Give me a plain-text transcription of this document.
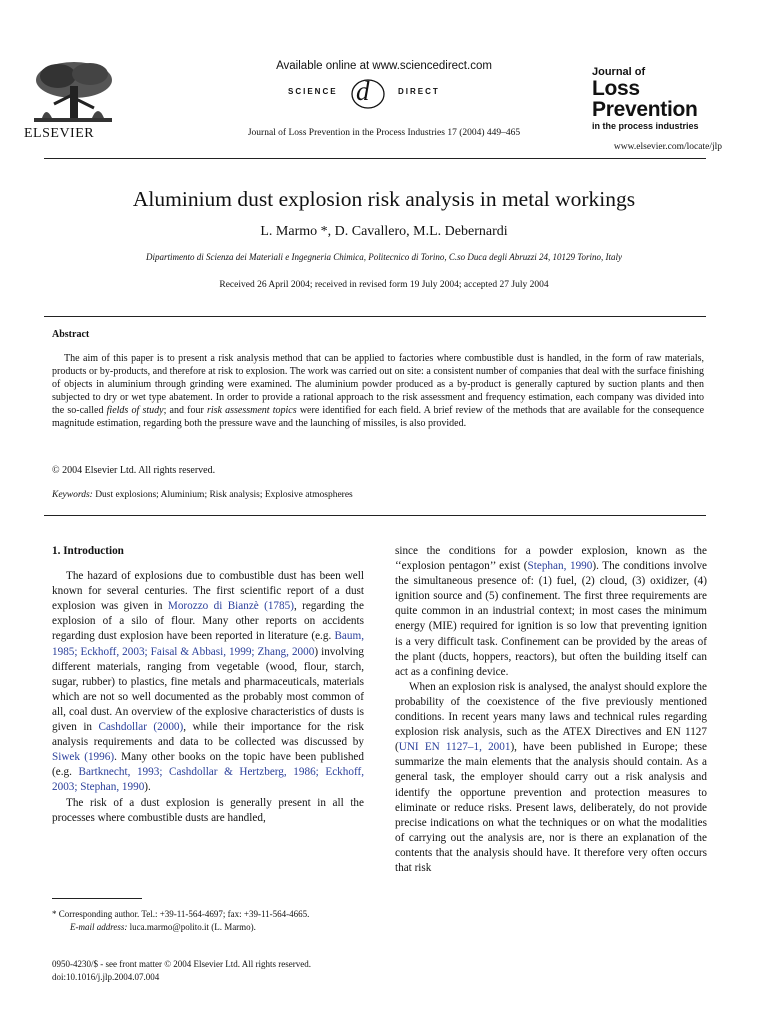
Available online at www.sciencedirect.com
SCIENCE d	DIRECT
Journal of Loss Prevention in the Process Industries 17 (2004) 449–465
ELSEVIER
Journal of
Loss
Prevention
in the process industries
www.elsevier.com/locate/jlp
Aluminium dust explosion risk analysis in metal workings
L. Marmo *, D. Cavallero, M.L. Debernardi
Dipartimento di Scienza dei Materiali e Ingegneria Chimica, Politecnico di Torino, C.so Duca degli Abruzzi 24, 10129 Torino, Italy
Received 26 April 2004; received in revised form 19 July 2004; accepted 27 July 2004
Abstract
The aim of this paper is to present a risk analysis method that can be applied to factories where combustible dust is handled, in the form of raw materials, products or by-products, and therefore at risk to explosion. The work was carried out on site: a consistent number of companies that deal with the surface finishing of objects in aluminium through grinding were examined. The aluminium powder produced as a by-product is generally captured by suction plants and then subjected to dry or wet type abatement. In order to provide a rational approach to the risk assessment and frequency estimation, each company was divided into the so-called fields of study; and four risk assessment topics were identified for each field. A brief review of the methods that are available for the consequence magnitude estimation, regarding both the pressure wave and the launching of missiles, is also provided.
© 2004 Elsevier Ltd. All rights reserved.
Keywords: Dust explosions; Aluminium; Risk analysis; Explosive atmospheres
1. Introduction

The hazard of explosions due to combustible dust has been well known for several centuries. The first scientific report of a dust explosion was given in Morozzo di Bianzè (1785), regarding the explosion of a silo of flour. Many other reports on accidents regarding dust explosion have been reported in literature (e.g. Baum, 1985; Eckhoff, 2003; Faisal & Abbasi, 1999; Zhang, 2000) involving different materials, ranging from vegetable (wood, flour, starch, sugar, rubber) to plastics, fine metals and pharmaceuticals, materials which are not so well documented as the probably most common of all, coal dust. An overview of the explosive characteristics of dusts is given in Cashdollar (2000), while their importance for the risk analysis requirements and data to be collected was discussed by Siwek (1996). Many other books on the topic have been published (e.g. Bartknecht, 1993; Cashdollar & Hertzberg, 1986; Eckhoff, 2003; Stephan, 1990).

The risk of a dust explosion is generally present in all the processes where combustible dusts are handled,

since the conditions for a powder explosion, known as the ‘‘explosion pentagon’’ exist (Stephan, 1990). The conditions involve the simultaneous presence of: (1) fuel, (2) cloud, (3) oxidizer, (4) ignition source and (5) confinement. The first three requirements are quite common in an industrial context; in most cases the minimum energy (MIE) required for ignition is so low that preventing ignition is a very difficult task. Confinement can be provided by the areas of the plant (ducts, hoppers, reactors), but often the building itself can act as a confining device.

When an explosion risk is analysed, the analyst should explore the probability of the coexistence of the five previously mentioned conditions. In recent years many laws and technical rules regarding explosion risk analysis, such as the ATEX Directives and EN 1127 (UNI EN 1127–1, 2001), have been published in Europe; these summarize the main elements that the analysis should contain. As a general task, the employer should carry out a risk analysis and identify the opportune prevention and protection measures to eliminate or reduce risks. Present laws, deliberately, do not provide precise indications on what the techniques or on what the modalities of carrying out the analysis are, nor is there an explanation of the contents that the analysis should have. It therefore very often occurs that risk

* Corresponding author. Tel.: +39-11-564-4697; fax: +39-11-564-4665.
E-mail address: luca.marmo@polito.it (L. Marmo).
0950-4230/$ - see front matter © 2004 Elsevier Ltd. All rights reserved.
doi:10.1016/j.jlp.2004.07.004
